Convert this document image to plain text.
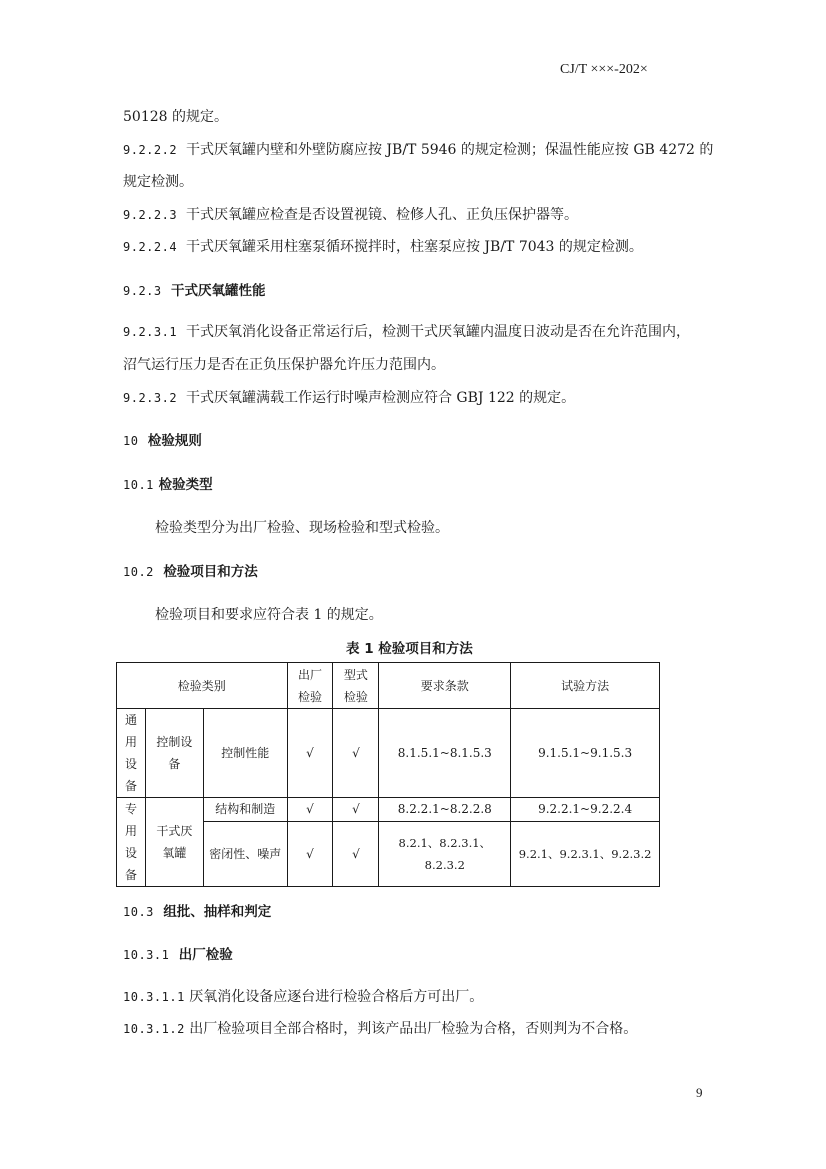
CJ/T ×××-202×
50128 的规定。
9.2.2.2 干式厌氧罐内壁和外壁防腐应按 JB/T 5946 的规定检测；保温性能应按 GB 4272 的
规定检测。
9.2.2.3 干式厌氧罐应检查是否设置视镜、检修人孔、正负压保护器等。
9.2.2.4 干式厌氧罐采用柱塞泵循环搅拌时，柱塞泵应按 JB/T 7043 的规定检测。
9.2.3 干式厌氧罐性能
9.2.3.1 干式厌氧消化设备正常运行后，检测干式厌氧罐内温度日波动是否在允许范围内，
沼气运行压力是否在正负压保护器允许压力范围内。
9.2.3.2 干式厌氧罐满载工作运行时噪声检测应符合 GBJ 122 的规定。
10 检验规则
10.1 检验类型
检验类型分为出厂检验、现场检验和型式检验。
10.2 检验项目和方法
检验项目和要求应符合表 1 的规定。
表 1 检验项目和方法
检验类别			出厂检验	型式检验	要求条款	试验方法

通用设备	控制设备	控制性能	√	√	8.1.5.1~8.1.5.3	9.1.5.1~9.1.5.3

专用设备	干式厌氧罐	结构和制造	√	√	8.2.2.1~8.2.2.8	9.2.2.1~9.2.2.4
		密闭性、噪声	√	√	8.2.1、8.2.3.1、8.2.3.2	9.2.1、9.2.3.1、9.2.3.2
10.3 组批、抽样和判定
10.3.1 出厂检验
10.3.1.1 厌氧消化设备应逐台进行检验合格后方可出厂。
10.3.1.2 出厂检验项目全部合格时，判该产品出厂检验为合格，否则判为不合格。
9
